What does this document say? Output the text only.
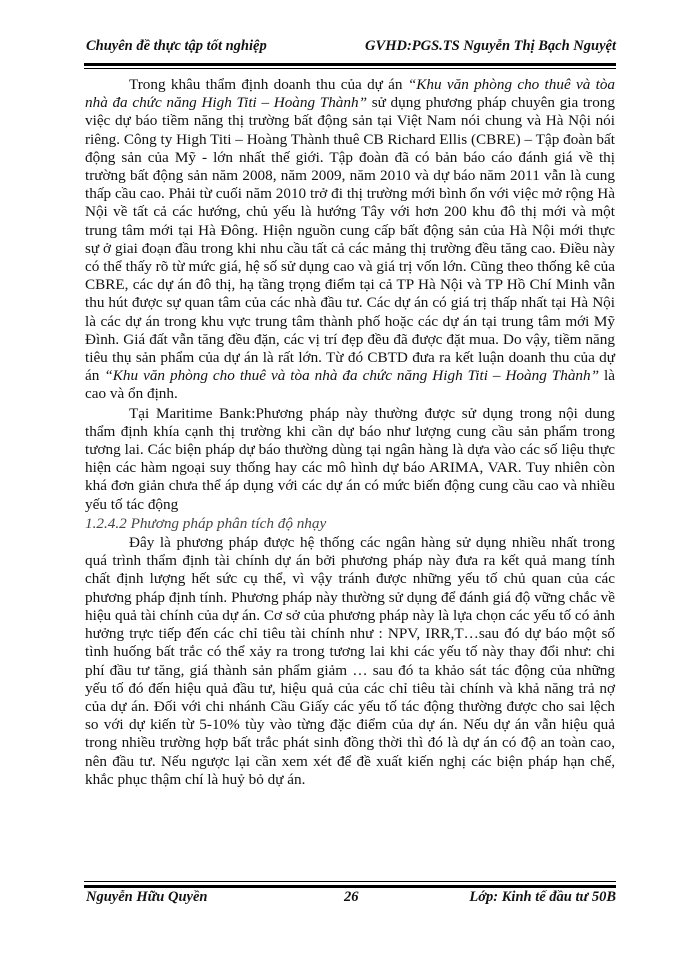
Chuyên đề thực tập tốt nghiệp	GVHD:PGS.TS Nguyễn Thị Bạch Nguyệt

Trong khâu thẩm định doanh thu của dự án “Khu văn phòng cho thuê và tòa nhà đa chức năng High Titi – Hoàng Thành” sử dụng phương pháp chuyên gia trong việc dự báo tiềm năng thị trường bất động sản tại Việt Nam nói chung và Hà Nội nói riêng. Công ty High Titi – Hoàng Thành thuê CB Richard Ellis (CBRE) – Tập đoàn bất động sản của Mỹ - lớn nhất thế giới. Tập đoàn đã có bản báo cáo đánh giá về thị trường bất động sản năm 2008, năm 2009, năm 2010 và dự báo năm 2011 vẫn là cung thấp cầu cao. Phải từ cuối năm 2010 trở đi thị trường mới bình ổn với việc mở rộng Hà Nội về tất cả các hướng, chủ yếu là hướng Tây với hơn 200 khu đô thị mới và một trung tâm mới tại Hà Đông. Hiện nguồn cung cấp bất động sản của Hà Nội mới thực sự ở giai đoạn đầu trong khi nhu cầu tất cả các mảng thị trường đều tăng cao. Điều này có thể thấy rõ từ mức giá, hệ số sử dụng cao và giá trị vốn lớn. Cũng theo thống kê của CBRE, các dự án đô thị, hạ tầng trọng điểm tại cả TP Hà Nội và TP Hồ Chí Minh vẫn thu hút được sự quan tâm của các nhà đầu tư. Các dự án có giá trị thấp nhất tại Hà Nội là các dự án trong khu vực trung tâm thành phố hoặc các dự án tại trung tâm mới Mỹ Đình. Giá đất vẫn tăng đều đặn, các vị trí đẹp đều đã được đặt mua. Do vậy, tiềm năng tiêu thụ sản phẩm của dự án là rất lớn. Từ đó CBTD đưa ra kết luận doanh thu của dự án “Khu văn phòng cho thuê và tòa nhà đa chức năng High Titi – Hoàng Thành” là cao và ổn định.

Tại Maritime Bank:Phương pháp này thường được sử dụng trong nội dung thẩm định khía cạnh thị trường khi cần dự báo như lượng cung cầu sản phẩm trong tương lai. Các biện pháp dự báo thường dùng tại ngân hàng là dựa vào các số liệu thực hiện các hàm ngoại suy thống hay các mô hình dự báo ARIMA, VAR. Tuy nhiên còn khá đơn giản chưa thể áp dụng với các dự án có mức biến động cung cầu cao và nhiều yếu tố tác động

1.2.4.2 Phương pháp phân tích độ nhạy

Đây là phương pháp được hệ thống các ngân hàng sử dụng nhiều nhất trong quá trình thẩm định tài chính dự án bởi phương pháp này đưa ra kết quả mang tính chất định lượng hết sức cụ thể, vì vậy tránh được những yếu tố chủ quan của các phương pháp định tính. Phương pháp này thường sử dụng để đánh giá độ vững chắc về hiệu quả tài chính của dự án. Cơ sở của phương pháp này là lựa chọn các yếu tố có ảnh hưởng trực tiếp đến các chỉ tiêu tài chính như : NPV, IRR,T…sau đó dự báo một số tình huống bất trắc có thể xảy ra trong tương lai khi các yếu tố này thay đổi như: chi phí đầu tư tăng, giá thành sản phẩm giảm … sau đó ta khảo sát tác động của những yếu tố đó đến hiệu quả đầu tư, hiệu quả của các chỉ tiêu tài chính và khả năng trả nợ của dự án. Đối với chi nhánh Cầu Giấy các yếu tố tác động thường được cho sai lệch so với dự kiến từ 5-10% tùy vào từng đặc điểm của dự án. Nếu dự án vẫn hiệu quả trong nhiều trường hợp bất trắc phát sinh đồng thời thì đó là dự án có độ an toàn cao, nên đầu tư. Nếu ngược lại cần xem xét để đề xuất kiến nghị các biện pháp hạn chế, khắc phục thậm chí là huỷ bỏ dự án.

Nguyễn Hữu Quyền	26	Lớp: Kinh tế đầu tư 50B
